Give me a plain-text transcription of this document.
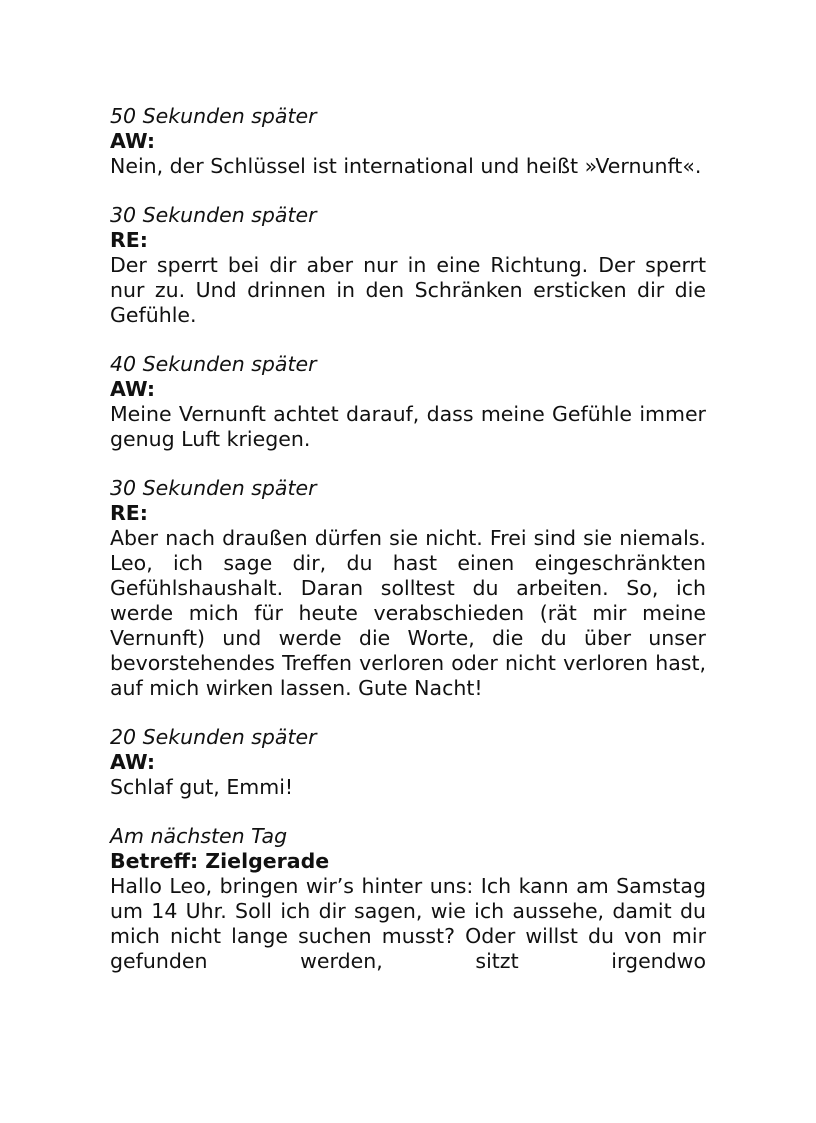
50 Sekunden später
AW:
Nein, der Schlüssel ist international und heißt »Vernunft«.
30 Sekunden später
RE:
Der sperrt bei dir aber nur in eine Richtung. Der sperrt nur zu. Und drinnen in den Schränken ersticken dir die Gefühle.
40 Sekunden später
AW:
Meine Vernunft achtet darauf, dass meine Gefühle immer genug Luft kriegen.
30 Sekunden später
RE:
Aber nach draußen dürfen sie nicht. Frei sind sie niemals. Leo, ich sage dir, du hast einen eingeschränkten Gefühlshaushalt. Daran solltest du arbeiten. So, ich werde mich für heute verabschieden (rät mir meine Vernunft) und werde die Worte, die du über unser bevorstehendes Treffen verloren oder nicht verloren hast, auf mich wirken lassen. Gute Nacht!
20 Sekunden später
AW:
Schlaf gut, Emmi!
Am nächsten Tag
Betreff: Zielgerade
Hallo Leo, bringen wir’s hinter uns: Ich kann am Samstag um 14 Uhr. Soll ich dir sagen, wie ich aussehe, damit du mich nicht lange suchen musst? Oder willst du von mir gefunden werden, sitzt irgendwo
